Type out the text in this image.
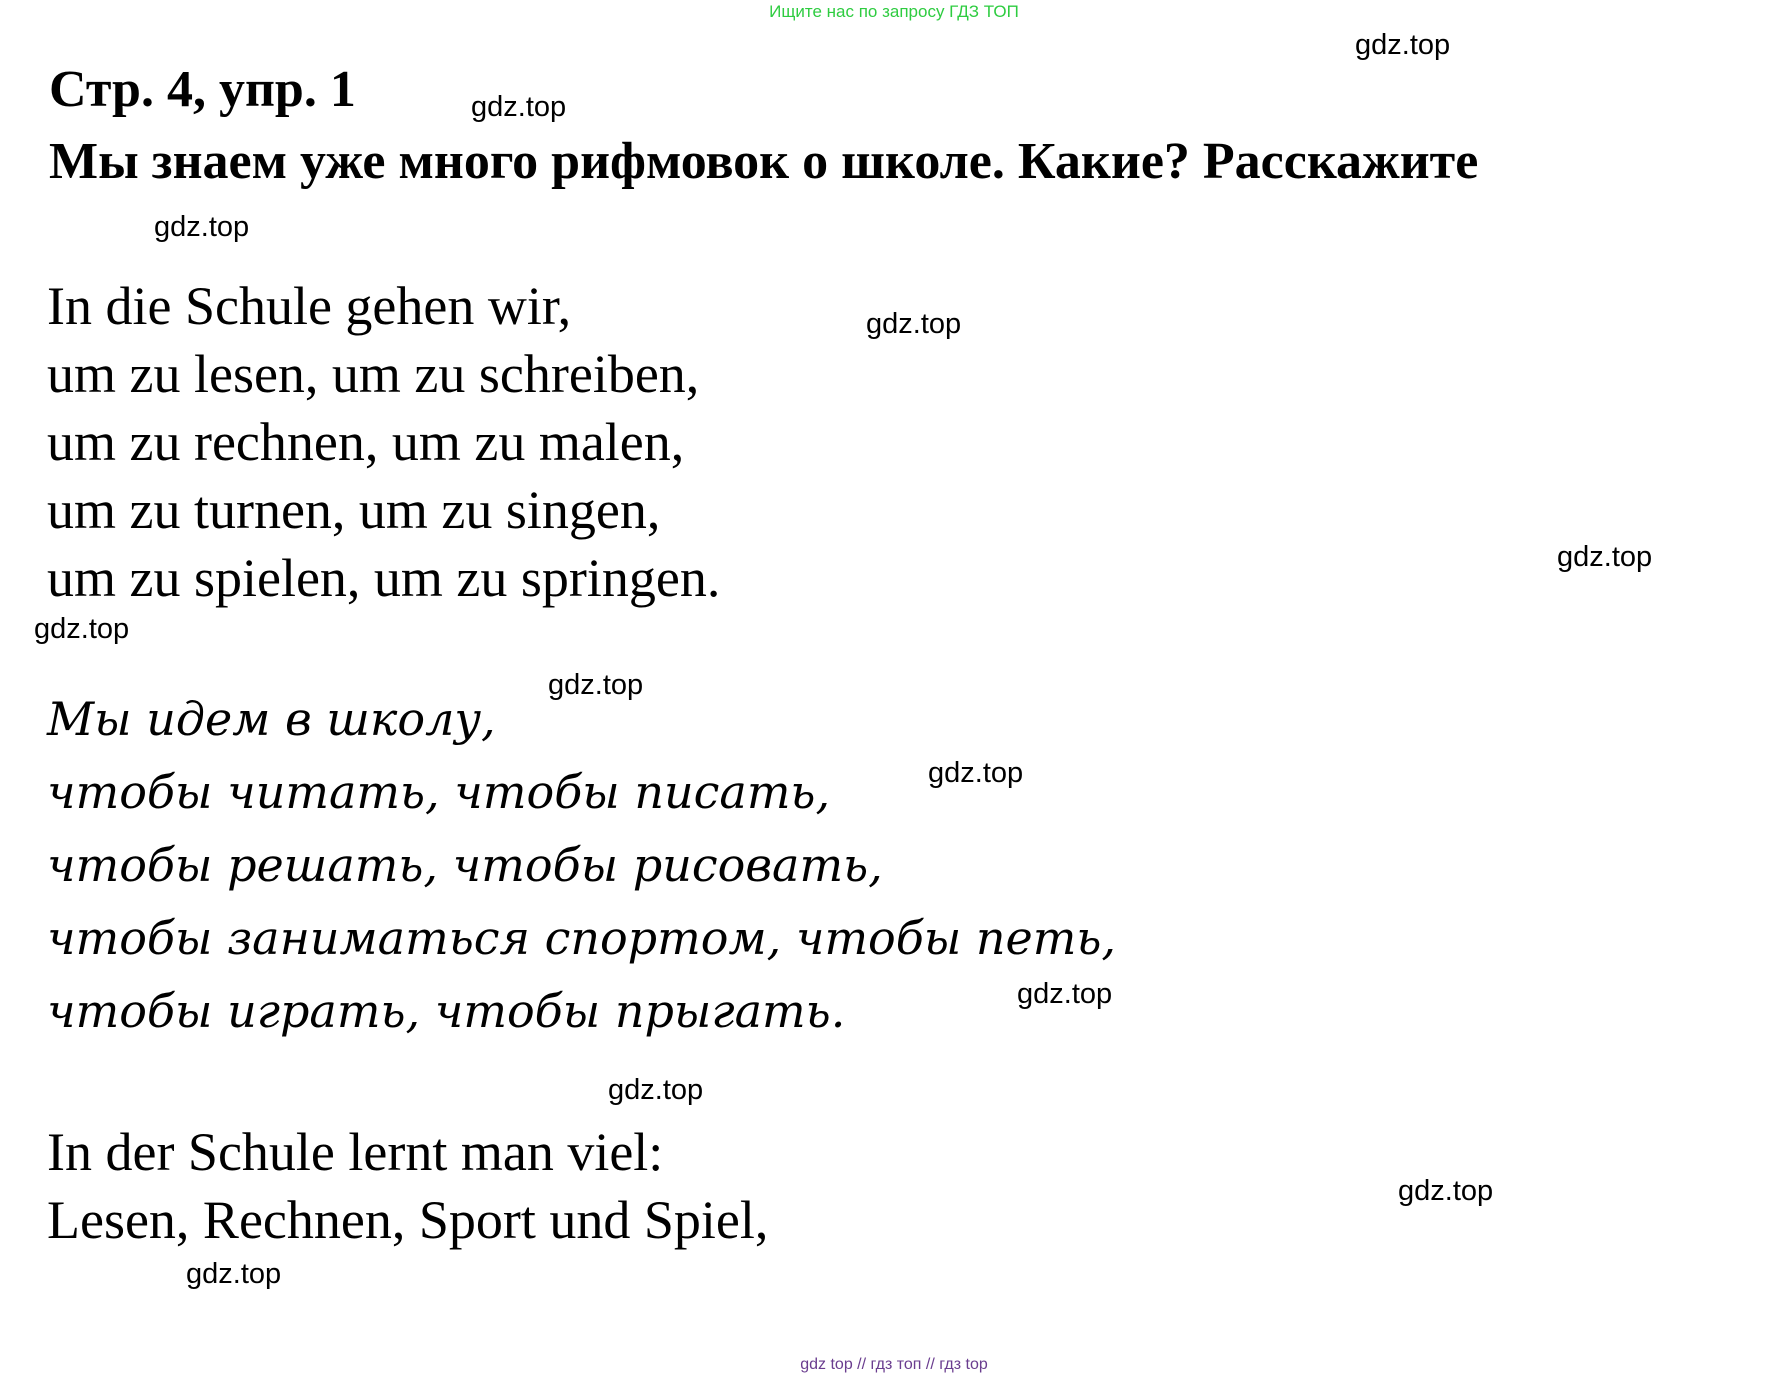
Ищите нас по запросу ГДЗ ТОП
Стр. 4, упр. 1
Мы знаем уже много рифмовок о школе. Какие? Расскажите
In die Schule gehen wir,
um zu lesen, um zu schreiben,
um zu rechnen, um zu malen,
um zu turnen, um zu singen,
um zu spielen, um zu springen.
Мы идем в школу,
чтобы читать, чтобы писать,
чтобы решать, чтобы рисовать,
чтобы заниматься спортом, чтобы петь,
чтобы играть, чтобы прыгать.
In der Schule lernt man viel:
Lesen, Rechnen, Sport und Spiel,
gdz.top
gdz.top
gdz.top
gdz.top
gdz.top
gdz.top
gdz.top
gdz.top
gdz.top
gdz.top
gdz.top
gdz.top
gdz top // гдз топ // гдз top
